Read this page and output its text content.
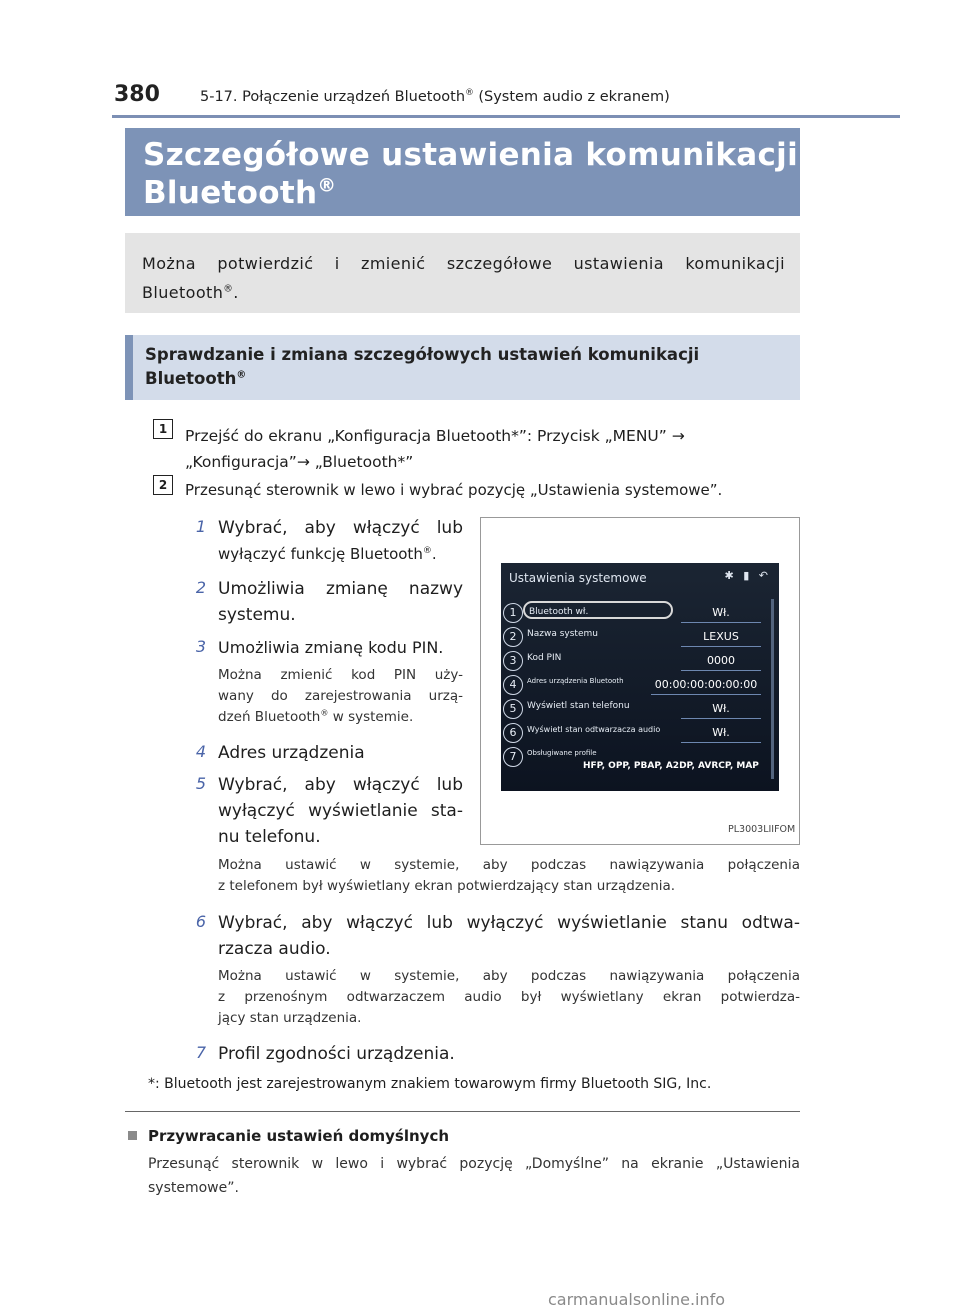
380	5-17. Połączenie urządzeń Bluetooth® (System audio z ekranem)
Szczegółowe ustawienia komunikacji
Bluetooth®
Można potwierdzić i zmienić szczegółowe ustawienia komunikacji Bluetooth®.
Sprawdzanie i zmiana szczegółowych ustawień komunikacji
Bluetooth®
1	Przejść do ekranu „Konfiguracja Bluetooth*”: Przycisk „MENU” →
„Konfiguracja”→ „Bluetooth*”
2	Przesunąć sterownik w lewo i wybrać pozycję „Ustawienia systemowe”.
1 Wybrać, aby włączyć lub
wyłączyć funkcję Bluetooth®.
2 Umożliwia zmianę nazwy
systemu.
3 Umożliwia zmianę kodu PIN.
Można zmienić kod PIN uży-
wany do zarejestrowania urzą-
dzeń Bluetooth® w systemie.
4 Adres urządzenia
5 Wybrać, aby włączyć lub
wyłączyć wyświetlanie sta-
nu telefonu.
Można ustawić w systemie, aby podczas nawiązywania połączenia
z telefonem był wyświetlany ekran potwierdzający stan urządzenia.
6 Wybrać, aby włączyć lub wyłączyć wyświetlanie stanu odtwa-
rzacza audio.
Można ustawić w systemie, aby podczas nawiązywania połączenia
z przenośnym odtwarzaczem audio był wyświetlany ekran potwierdza-
jący stan urządzenia.
7 Profil zgodności urządzenia.
*: Bluetooth jest zarejestrowanym znakiem towarowym firmy Bluetooth SIG, Inc.
Ustawienia systemowe	✱ ▮ ↶
1	Bluetooth wł.	Wł.
2	Nazwa systemu	LEXUS
3	Kod PIN	0000
4	Adres urządzenia Bluetooth	00:00:00:00:00:00
5	Wyświetl stan telefonu	Wł.
6	Wyświetl stan odtwarzacza audio	Wł.
7	Obsługiwane profile
HFP, OPP, PBAP, A2DP, AVRCP, MAP
PL3003LIIFOM
Przywracanie ustawień domyślnych
Przesunąć sterownik w lewo i wybrać pozycję „Domyślne” na ekranie „Ustawienia
systemowe”.
carmanualsonline.info
